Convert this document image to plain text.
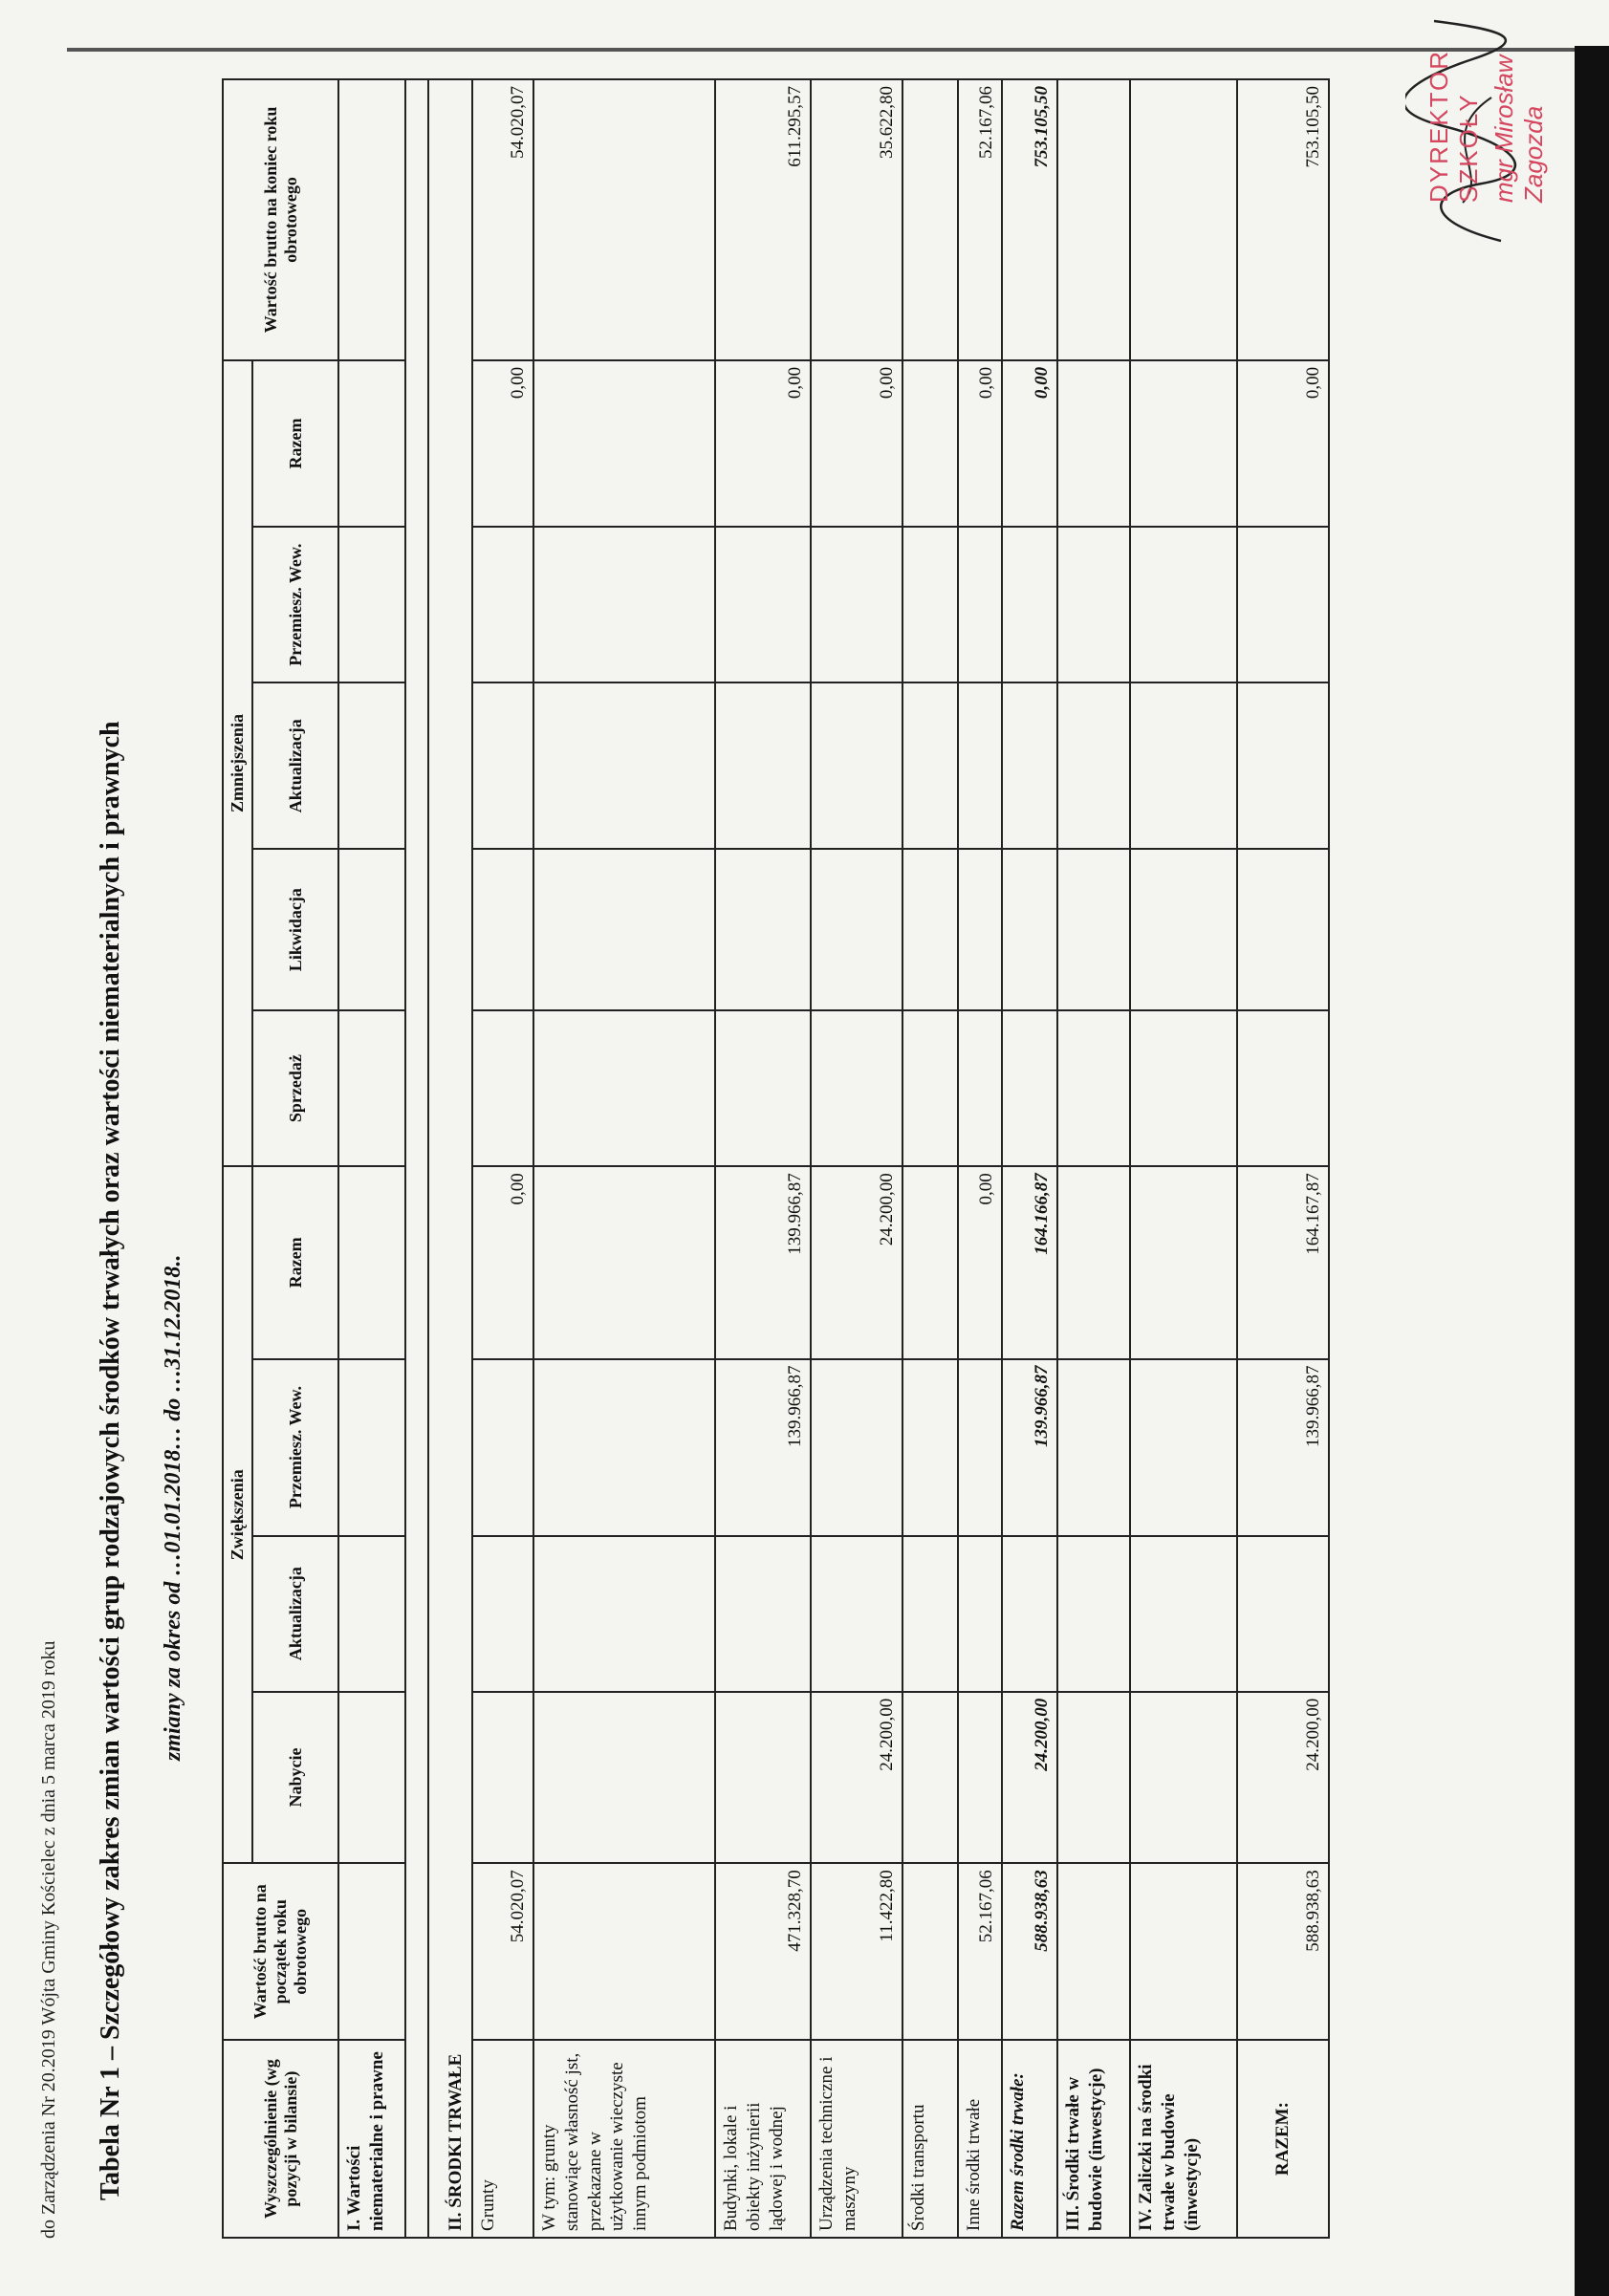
do Zarządzenia Nr 20.2019 Wójta Gminy Kościelec z dnia 5 marca 2019 roku Tabela Nr 1 – Szczegółowy zakres zmian wartości grup rodzajowych środków trwałych oraz wartości niematerialnych i prawnych zmiany za okres od …01.01.2018… do …31.12.2018..
Wyszczególnienie (wg pozycji w bilansie)	Wartość brutto na początek roku obrotowego	Zwiększenia				Zmniejszenia					Wartość brutto na koniec roku obrotowego
		Nabycie	Aktualizacja	Przemiesz. Wew.	Razem	Sprzedaż	Likwidacja	Aktualizacja	Przemiesz. Wew.	Razem	
I. Wartości niematerialne i prawne											

II. ŚRODKI TRWAŁE											
Grunty	54.020,07				0,00					0,00	54.020,07
W tym: grunty stanowiące własność jst, przekazane w użytkowanie wieczyste innym podmiotom											
Budynki, lokale i obiekty inżynierii lądowej i wodnej	471.328,70			139.966,87	139.966,87					0,00	611.295,57
Urządzenia techniczne i maszyny	11.422,80	24.200,00			24.200,00					0,00	35.622,80
Środki transportu											
Inne środki trwałe	52.167,06				0,00					0,00	52.167,06
Razem środki trwałe:	588.938,63	24.200,00		139.966,87	164.166,87					0,00	753.105,50
III. Środki trwałe w budowie (inwestycje)											
IV. Zaliczki na środki trwałe w budowie (inwestycje)											
RAZEM:	588.938,63	24.200,00		139.966,87	164.167,87					0,00	753.105,50	DYREKTOR SZKOŁY mgr Mirosław Zagozda
